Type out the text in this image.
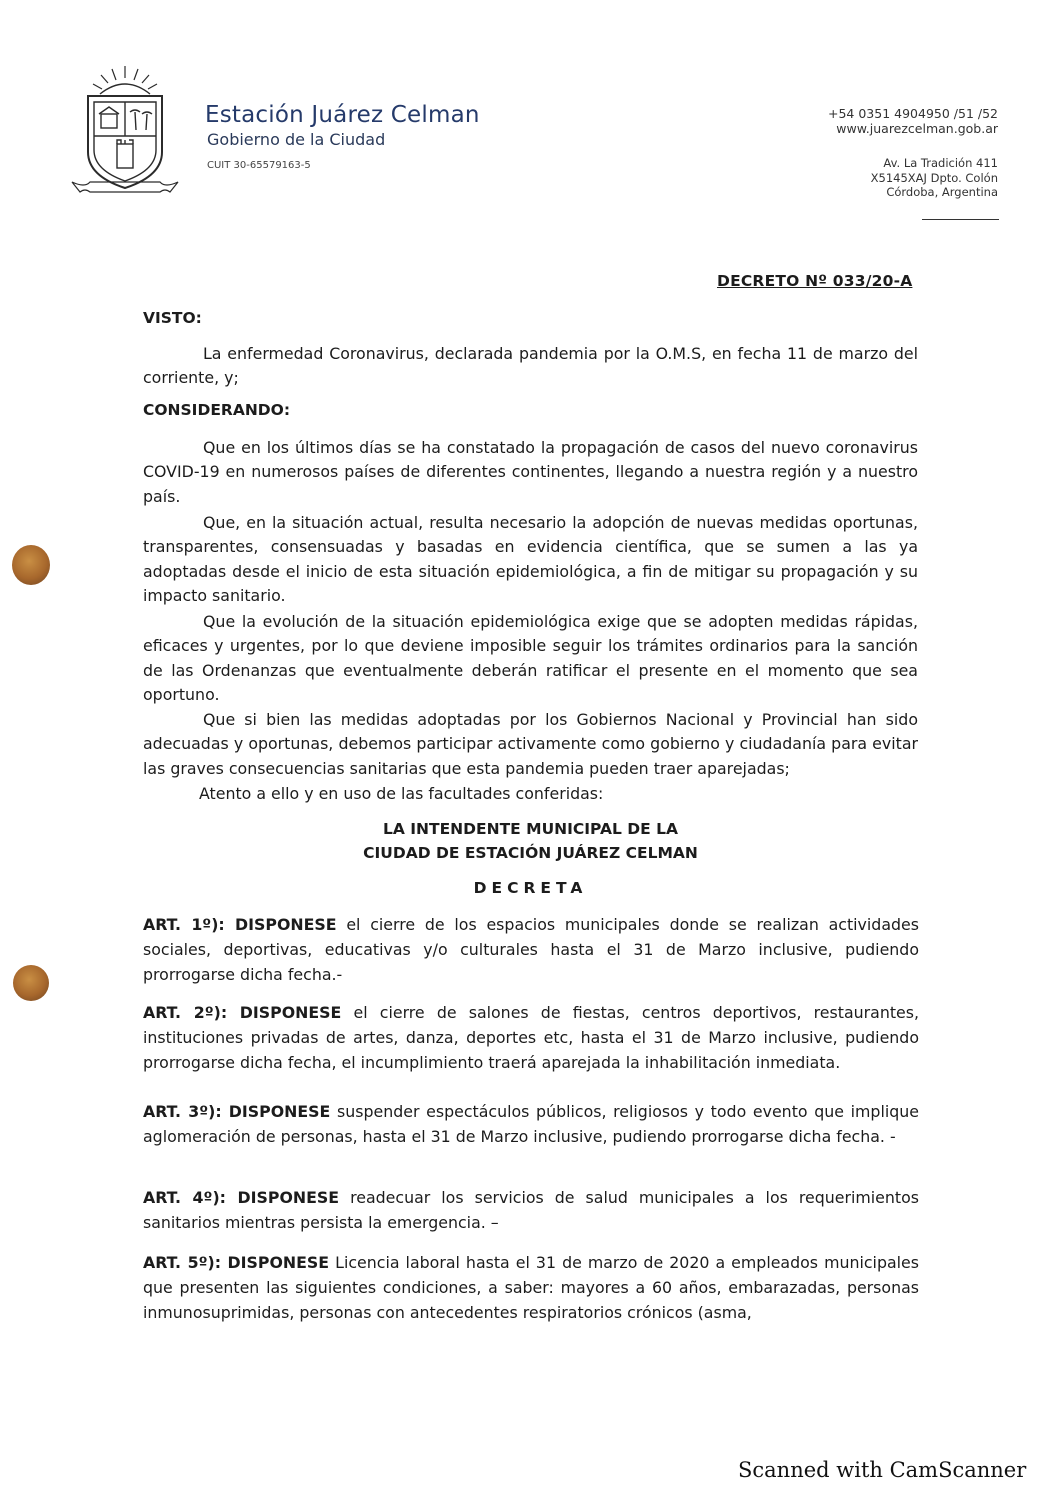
Estación Juárez Celman
Gobierno de la Ciudad
CUIT 30-65579163-5
+54 0351 4904950 /51 /52
www.juarezcelman.gob.ar
Av. La Tradición 411
X5145XAJ Dpto. Colón
Córdoba, Argentina
DECRETO Nº 033/20-A
VISTO:

La enfermedad Coronavirus, declarada pandemia por la O.M.S, en fecha 11 de marzo del corriente, y;

CONSIDERANDO:

Que en los últimos días se ha constatado la propagación de casos del nuevo coronavirus COVID-19 en numerosos países de diferentes continentes, llegando a nuestra región y a nuestro país.

Que, en la situación actual, resulta necesario la adopción de nuevas medidas oportunas, transparentes, consensuadas y basadas en evidencia científica, que se sumen a las ya adoptadas desde el inicio de esta situación epidemiológica, a fin de mitigar su propagación y su impacto sanitario.

Que la evolución de la situación epidemiológica exige que se adopten medidas rápidas, eficaces y urgentes, por lo que deviene imposible seguir los trámites ordinarios para la sanción de las Ordenanzas que eventualmente deberán ratificar el presente en el momento que sea oportuno.

Que si bien las medidas adoptadas por los Gobiernos Nacional y Provincial han sido adecuadas y oportunas, debemos participar activamente como gobierno y ciudadanía para evitar las graves consecuencias sanitarias que esta pandemia pueden traer aparejadas;

Atento a ello y en uso de las facultades conferidas:

LA INTENDENTE MUNICIPAL DE LA
CIUDAD DE ESTACIÓN JUÁREZ CELMAN
DECRETA

ART. 1º): DISPONESE el cierre de los espacios municipales donde se realizan actividades sociales, deportivas, educativas y/o culturales hasta el 31 de Marzo inclusive, pudiendo prorrogarse dicha fecha.-

ART. 2º): DISPONESE el cierre de salones de fiestas, centros deportivos, restaurantes, instituciones privadas de artes, danza, deportes etc, hasta el 31 de Marzo inclusive, pudiendo prorrogarse dicha fecha, el incumplimiento traerá aparejada la inhabilitación inmediata.

ART. 3º): DISPONESE suspender espectáculos públicos, religiosos y todo evento que implique aglomeración de personas, hasta el 31 de Marzo inclusive, pudiendo prorrogarse dicha fecha. -

ART. 4º): DISPONESE readecuar los servicios de salud municipales a los requerimientos sanitarios mientras persista la emergencia. –

ART. 5º): DISPONESE Licencia laboral hasta el 31 de marzo de 2020 a empleados municipales que presenten las siguientes condiciones, a saber: mayores a 60 años, embarazadas, personas inmunosuprimidas, personas con antecedentes respiratorios crónicos (asma,

Scanned with CamScanner
